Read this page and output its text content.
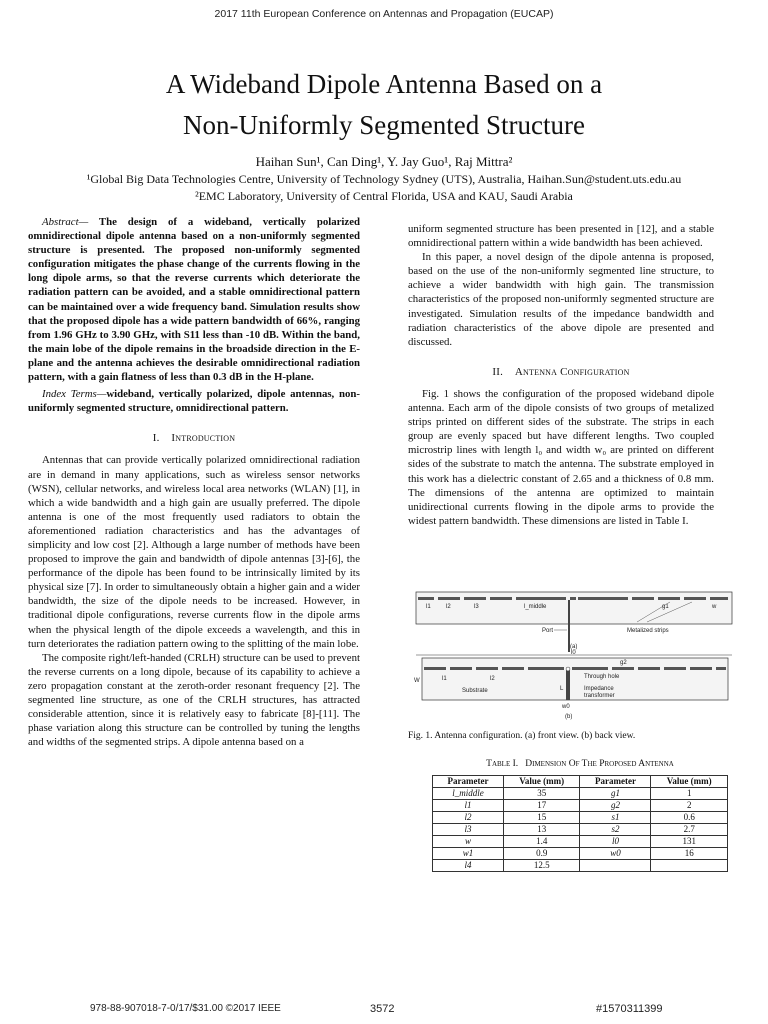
2017 11th European Conference on Antennas and Propagation (EUCAP)
A Wideband Dipole Antenna Based on a
Non-Uniformly Segmented Structure
Haihan Sun¹, Can Ding¹, Y. Jay Guo¹, Raj Mittra²
¹Global Big Data Technologies Centre, University of Technology Sydney (UTS), Australia, Haihan.Sun@student.uts.edu.au
²EMC Laboratory, University of Central Florida, USA and KAU, Saudi Arabia

Abstract— The design of a wideband, vertically polarized omnidirectional dipole antenna based on a non-uniformly segmented structure is presented. The proposed non-uniformly segmented configuration mitigates the phase change of the currents flowing in the long dipole arms, so that the reverse currents which deteriorate the radiation pattern can be avoided, and a stable omnidirectional pattern can be maintained over a wide frequency band. Simulation results show that the proposed dipole has a wide pattern bandwidth of 66%, ranging from 1.96 GHz to 3.90 GHz, with S11 less than -10 dB. Within the band, the main lobe of the dipole remains in the broadside direction in the E-plane and the antenna achieves the desirable omnidirectional radiation pattern, with a gain flatness of less than 0.3 dB in the H-plane.

Index Terms—wideband, vertically polarized, dipole antennas, non-uniformly segmented structure, omnidirectional pattern.

I. Introduction

Antennas that can provide vertically polarized omnidirectional radiation are in demand in many applications, such as wireless sensor networks (WSN), cellular networks, and wireless local area networks (WLAN) [1], in which a wide bandwidth and a high gain are usually preferred. The dipole antenna is one of the most frequently used radiators to obtain the aforementioned radiation characteristics and has the advantages of simplicity and low cost [2]. Although a large number of methods have been proposed to improve the gain and bandwidth of dipole antennas [3]-[6], the performance of the dipole has been found to be intrinsically limited by its physical size [7]. In order to simultaneously obtain a higher gain and a wider bandwidth, the size of the dipole needs to be increased. However, in traditional dipole configurations, reverse currents flow in the dipole arms when the physical length of the dipole exceeds a wavelength, and this in turn deteriorates the radiation pattern owing to the splitting of the main lobe.

The composite right/left-handed (CRLH) structure can be used to prevent the reverse currents on a long dipole, because of its capability to achieve a zero propagation constant at the zeroth-order resonant frequency [2]. The segmented line structure, as one of the CRLH structures, has attracted considerable attention, since it is relatively easy to fabricate [8]-[11]. The phase variation along this structure can be controlled by tuning the lengths and widths of the segmented strips. A dipole antenna based on a

uniform segmented structure has been presented in [12], and a stable omnidirectional pattern within a wide bandwidth has been achieved.

In this paper, a novel design of the dipole antenna is proposed, based on the use of the non-uniformly segmented line structure, to achieve a wider bandwidth with high gain. The transmission characteristics of the proposed non-uniformly segmented structure are investigated. Simulation results of the impedance bandwidth and radiation characteristics of the above dipole are presented and discussed.

II. Antenna Configuration

Fig. 1 shows the configuration of the proposed wideband dipole antenna. Each arm of the dipole consists of two groups of metalized strips printed on different sides of the substrate. The strips in each group are evenly spaced but have different lengths. Two coupled microstrip lines with length l₀ and width w₀ are printed on different sides of the substrate to match the antenna. The substrate employed in this work has a dielectric constant of 2.65 and a thickness of 0.8 mm. The dimensions of the antenna are optimized to maintain unidirectional currents flowing in the dipole arms to provide the widest pattern bandwidth. These dimensions are listed in Table I.

l1	l2	l3	l_middle	g1	w
Metalized strips
Port
(a)
l0
W	l1	l2
Substrate
Through hole
Impedance
transformer
L
w0
g2
(b)
Fig. 1. Antenna configuration. (a) front view. (b) back view.
Table I. Dimension Of The Proposed Antenna
Parameter	Value (mm)	Parameter	Value (mm)
l_middle	35	g1	1
l1	17	g2	2
l2	15	s1	0.6
l3	13	s2	2.7
w	1.4	l0	131
w1	0.9	w0	16
l4	12.5		
978-88-907018-7-0/17/$31.00 ©2017 IEEE	3572	#1570311399
